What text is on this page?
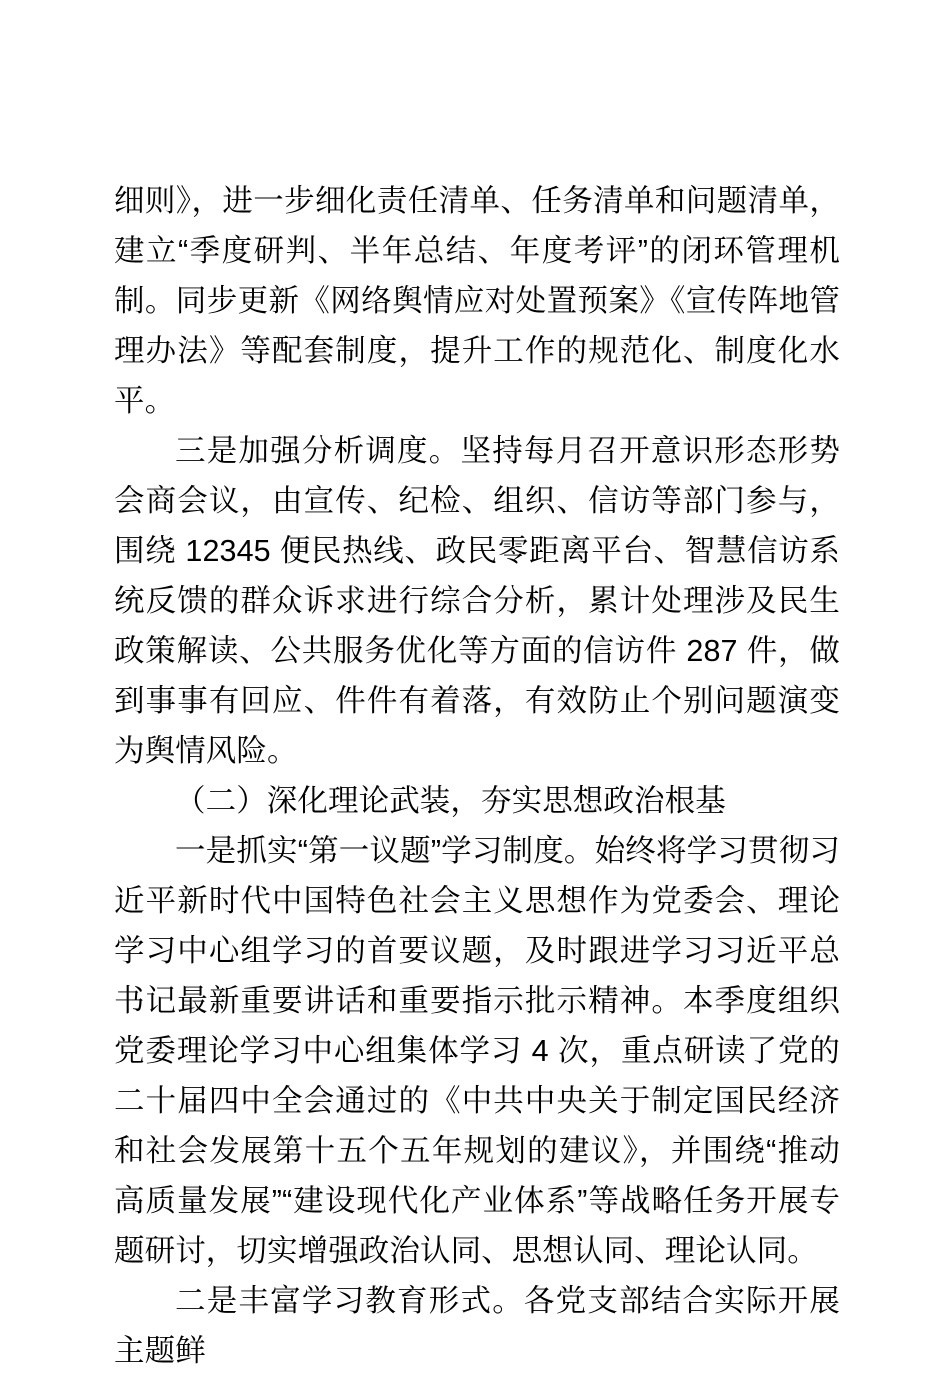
细则》，进一步细化责任清单、任务清单和问题清单，建立“季度研判、半年总结、年度考评”的闭环管理机制。同步更新《网络舆情应对处置预案》《宣传阵地管理办法》等配套制度，提升工作的规范化、制度化水平。

三是加强分析调度。坚持每月召开意识形态形势会商会议，由宣传、纪检、组织、信访等部门参与，围绕 12345 便民热线、政民零距离平台、智慧信访系统反馈的群众诉求进行综合分析，累计处理涉及民生政策解读、公共服务优化等方面的信访件 287 件，做到事事有回应、件件有着落，有效防止个别问题演变为舆情风险。

（二）深化理论武装，夯实思想政治根基

一是抓实“第一议题”学习制度。始终将学习贯彻习近平新时代中国特色社会主义思想作为党委会、理论学习中心组学习的首要议题，及时跟进学习习近平总书记最新重要讲话和重要指示批示精神。本季度组织党委理论学习中心组集体学习 4 次，重点研读了党的二十届四中全会通过的《中共中央关于制定国民经济和社会发展第十五个五年规划的建议》，并围绕“推动高质量发展”“建设现代化产业体系”等战略任务开展专题研讨，切实增强政治认同、思想认同、理论认同。

二是丰富学习教育形式。各党支部结合实际开展主题鲜
